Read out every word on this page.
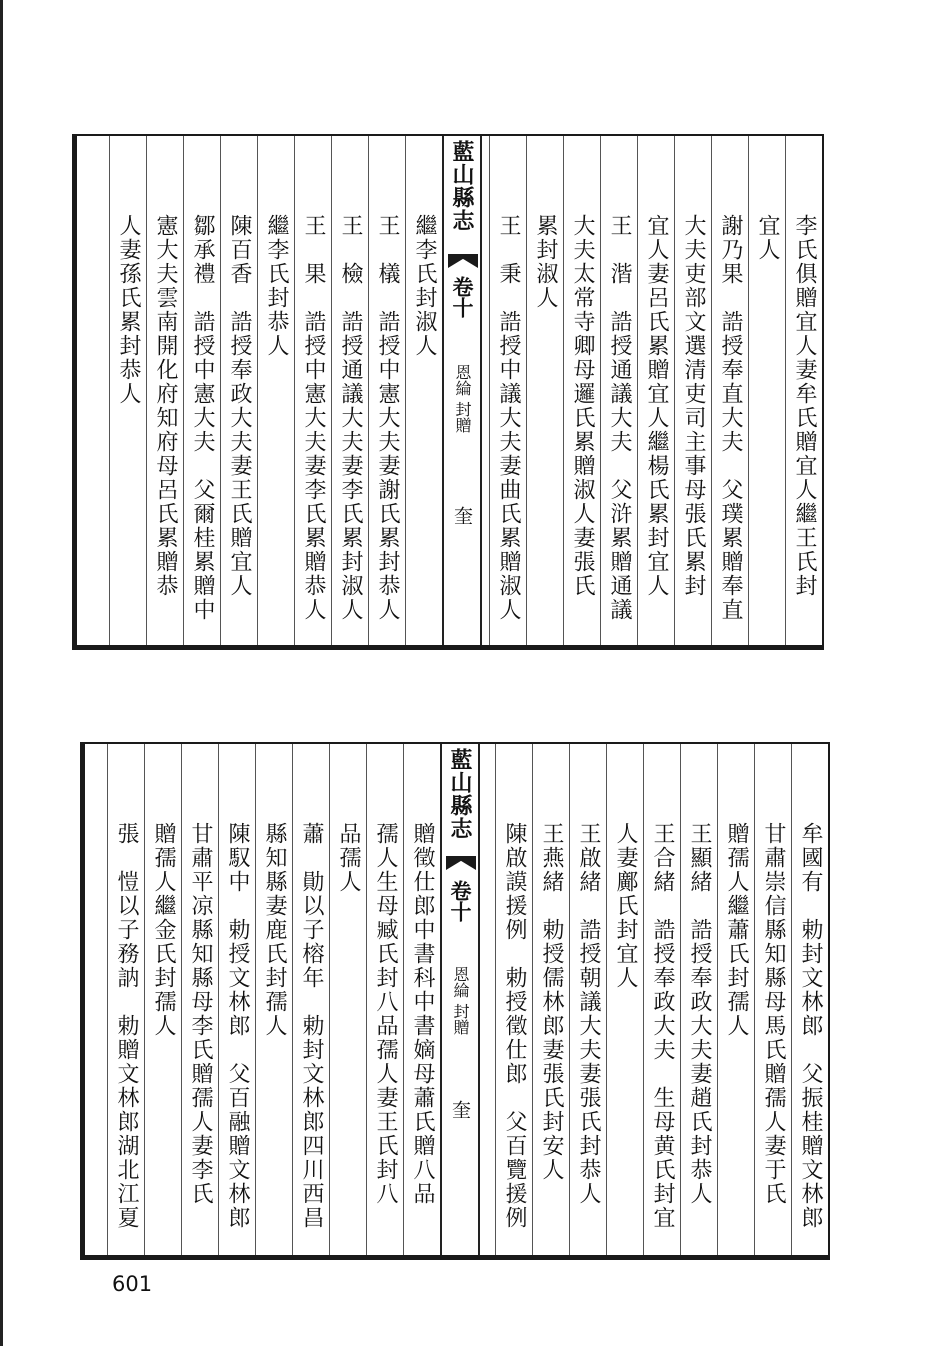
李氏俱贈宜人妻牟氏贈宜人繼王氏封
宜人
謝乃果　誥授奉直大夫　父璞累贈奉直
大夫吏部文選清吏司主事母張氏累封
宜人妻呂氏累贈宜人繼楊氏累封宜人
王　湝　誥授通議大夫　父浒累贈通議
大夫太常寺卿母邏氏累贈淑人妻張氏
累封淑人
王　秉　誥授中議大夫妻曲氏累贈淑人
藍山縣志
卷十
恩綸 封贈
奎
繼李氏封淑人
王　檥　誥授中憲大夫妻謝氏累封恭人
王　檢　誥授通議大夫妻李氏累封淑人
王　果　誥授中憲大夫妻李氏累贈恭人
繼李氏封恭人
陳百香　誥授奉政大夫妻王氏贈宜人
鄒承禮　誥授中憲大夫　父爾桂累贈中
憲大夫雲南開化府知府母呂氏累贈恭
人妻孫氏累封恭人
牟國有　勅封文林郎　父振桂贈文林郎
甘肅崇信縣知縣母馬氏贈孺人妻于氏
贈孺人繼蕭氏封孺人
王顯緒　誥授奉政大夫妻趙氏封恭人
王合緒　誥授奉政大夫　生母黄氏封宜
人妻鄺氏封宜人
王啟緒　誥授朝議大夫妻張氏封恭人
王燕緒　勅授儒林郎妻張氏封安人
陳啟謨援例　勅授徵仕郎　父百覽援例
藍山縣志
卷十
恩綸 封贈
奎
贈徵仕郎中書科中書嫡母蕭氏贈八品
孺人生母臧氏封八品孺人妻王氏封八
品孺人
蕭　勛以子榕年　勅封文林郎四川西昌
縣知縣妻鹿氏封孺人
陳馭中　勅授文林郎　父百融贈文林郎
甘肅平凉縣知縣母李氏贈孺人妻李氏
贈孺人繼金氏封孺人
張　愷以子務訥　勅贈文林郎湖北江夏
601
